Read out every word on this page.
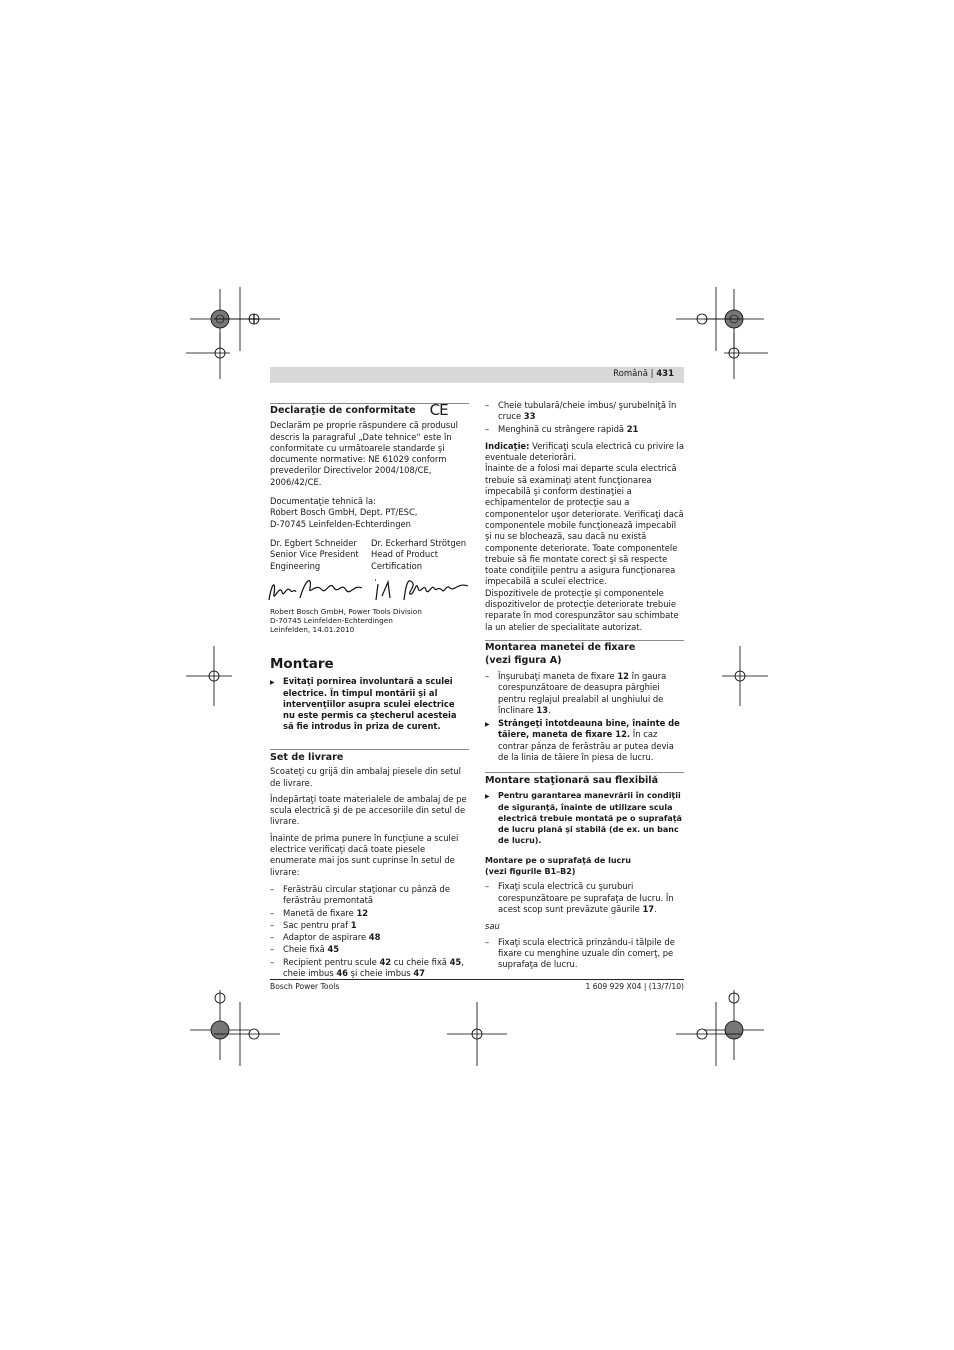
Română | 431
Declaraţie de conformitate CE

Declarăm pe proprie răspundere că produsul descris la paragraful „Date tehnice“ este în conformitate cu următoarele standarde şi documente normative: NE 61029 conform prevederilor Directivelor 2004/108/CE, 2006/42/CE.

Documentaţie tehnică la:
Robert Bosch GmbH, Dept. PT/ESC,
D-70745 Leinfelden-Echterdingen

Dr. Egbert Schneider
Senior Vice President
Engineering
Dr. Eckerhard Strötgen
Head of Product
Certification
ppa. Schneider
i.V. Strötgen
Robert Bosch GmbH, Power Tools Division
D-70745 Leinfelden-Echterdingen
Leinfelden, 14.01.2010
Montare

▶ Evitaţi pornirea involuntară a sculei electrice. În timpul montării şi al intervenţiilor asupra sculei electrice nu este permis ca ştecherul acesteia să fie introdus în priza de curent.

Set de livrare

Scoateţi cu grijă din ambalaj piesele din setul de livrare.

Îndepărtaţi toate materialele de ambalaj de pe scula electrică şi de pe accesoriile din setul de livrare.

Înainte de prima punere în funcţiune a sculei electrice verificaţi dacă toate piesele enumerate mai jos sunt cuprinse în setul de livrare:

– Ferăstrău circular staţionar cu pânză de ferăstrău premontată
– Manetă de fixare 12
– Sac pentru praf 1
– Adaptor de aspirare 48
– Cheie fixă 45
– Recipient pentru scule 42 cu cheie fixă 45, cheie imbus 46 şi cheie imbus 47
– Cheie tubulară/cheie imbus/ şurubelniţă în cruce 33
– Menghină cu strângere rapidă 21

Indicaţie: Verificaţi scula electrică cu privire la eventuale deteriorări.

Înainte de a folosi mai departe scula electrică trebuie să examinaţi atent funcţionarea impecabilă şi conform destinaţiei a echipamentelor de protecţie sau a componentelor uşor deteriorate. Verificaţi dacă componentele mobile funcţionează impecabil şi nu se blochează, sau dacă nu există componente deteriorate. Toate componentele trebuie să fie montate corect şi să respecte toate condiţiile pentru a asigura funcţionarea impecabilă a sculei electrice.

Dispozitivele de protecţie şi componentele dispozitivelor de protecţie deteriorate trebuie reparate în mod corespunzător sau schimbate la un atelier de specialitate autorizat.

Montarea manetei de fixare
(vezi figura A)
– Înşurubaţi maneta de fixare 12 în gaura corespunzătoare de deasupra pârghiei pentru reglajul prealabil al unghiului de înclinare 13.
▶ Strângeţi întotdeauna bine, înainte de tăiere, maneta de fixare 12. În caz contrar pânza de ferăstrău ar putea devia de la linia de tăiere în piesa de lucru.
Montare staţionară sau flexibilă

▶ Pentru garantarea manevrării în condiţii de siguranţă, înainte de utilizare scula electrică trebuie montată pe o suprafaţă de lucru plană şi stabilă (de ex. un banc de lucru).

Montare pe o suprafaţă de lucru
(vezi figurile B1–B2)
– Fixaţi scula electrică cu şuruburi corespunzătoare pe suprafaţa de lucru. În acest scop sunt prevăzute găurile 17.

sau

– Fixaţi scula electrică prinzându-i tălpile de fixare cu menghine uzuale din comerţ, pe suprafaţa de lucru.
Bosch Power Tools	1 609 929 X04 | (13/7/10)
